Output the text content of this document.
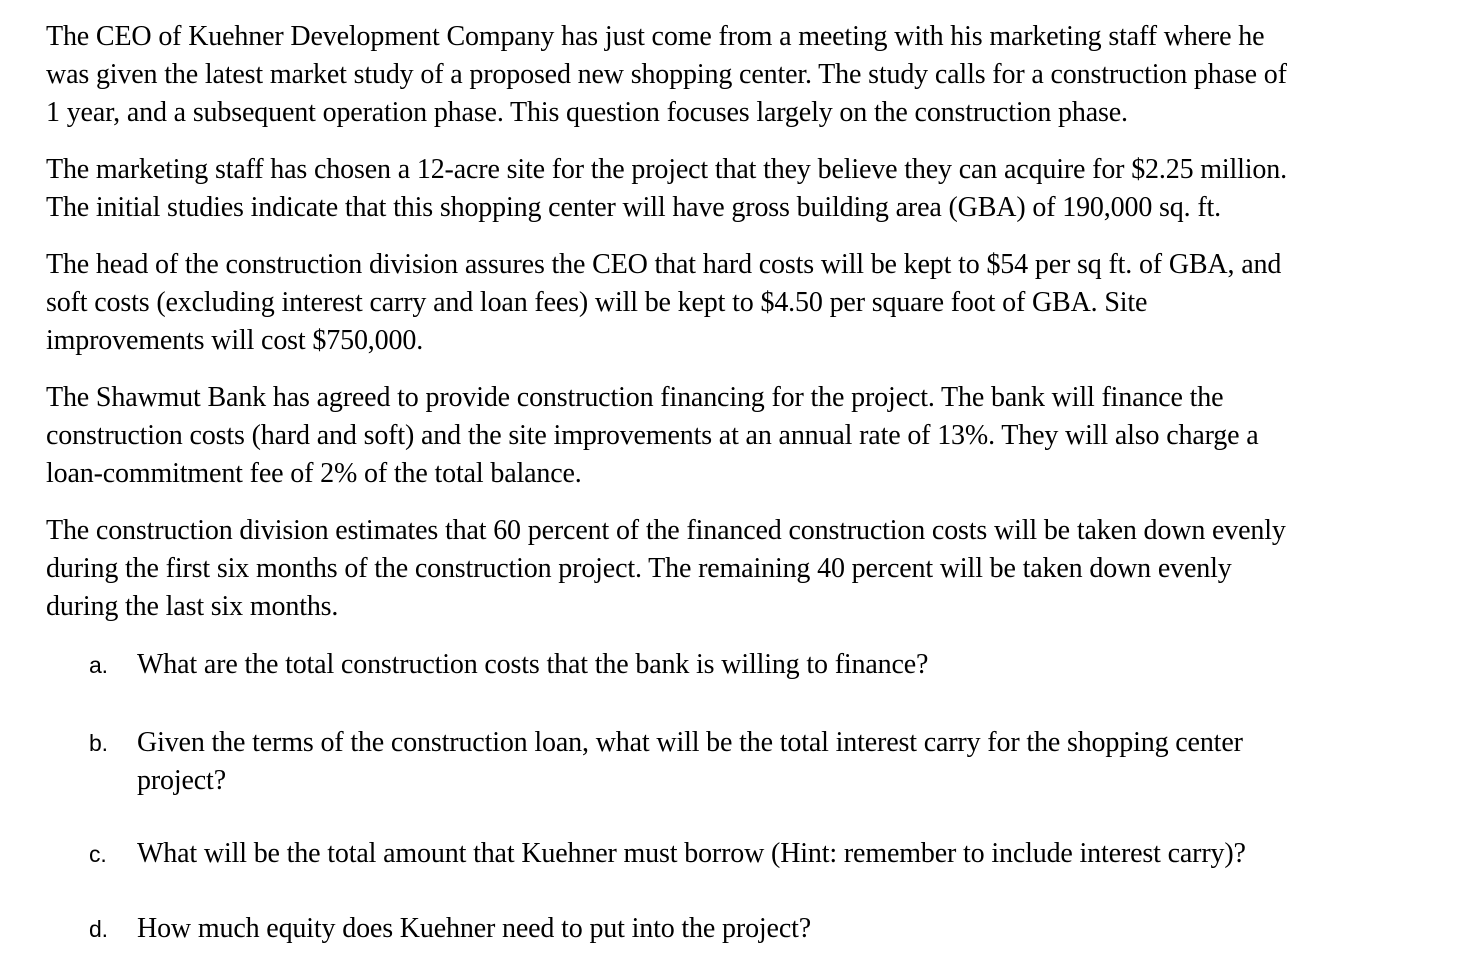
The CEO of Kuehner Development Company has just come from a meeting with his marketing staff where he
was given the latest market study of a proposed new shopping center. The study calls for a construction phase of
1 year, and a subsequent operation phase. This question focuses largely on the construction phase.
The marketing staff has chosen a 12-acre site for the project that they believe they can acquire for $2.25 million.
The initial studies indicate that this shopping center will have gross building area (GBA) of 190,000 sq. ft.
The head of the construction division assures the CEO that hard costs will be kept to $54 per sq ft. of GBA, and
soft costs (excluding interest carry and loan fees) will be kept to $4.50 per square foot of GBA. Site
improvements will cost $750,000.
The Shawmut Bank has agreed to provide construction financing for the project. The bank will finance the
construction costs (hard and soft) and the site improvements at an annual rate of 13%. They will also charge a
loan-commitment fee of 2% of the total balance.
The construction division estimates that 60 percent of the financed construction costs will be taken down evenly
during the first six months of the construction project. The remaining 40 percent will be taken down evenly
during the last six months.
a. What are the total construction costs that the bank is willing to finance?
b. Given the terms of the construction loan, what will be the total interest carry for the shopping center
project?
c. What will be the total amount that Kuehner must borrow (Hint: remember to include interest carry)?
d. How much equity does Kuehner need to put into the project?
